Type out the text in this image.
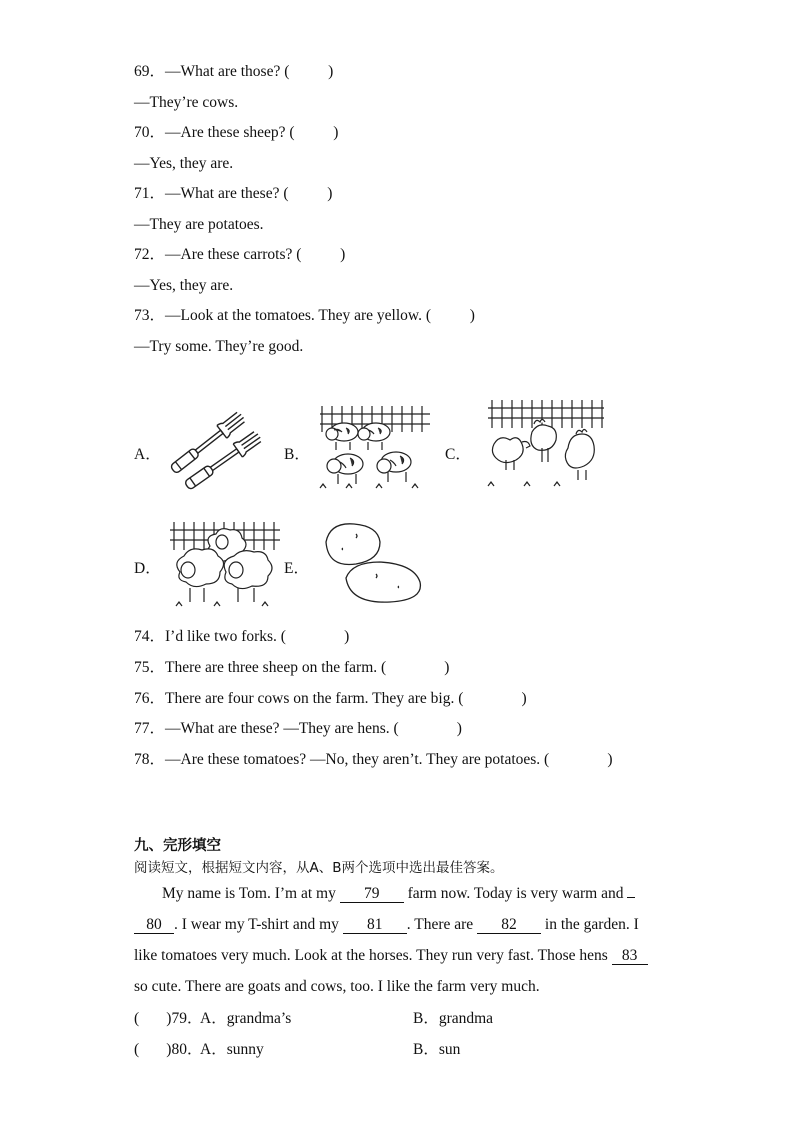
69．—What are those? (          )
—They’re cows.
70．—Are these sheep? (          )
—Yes, they are.
71．—What are these? (          )
—They are potatoes.
72．—Are these carrots? (          )
—Yes, they are.
73．—Look at the tomatoes. They are yellow. (          )
—Try some. They’re good.
A．	B．	C．
D．	E．
74．I’d like two forks. (               )
75．There are three sheep on the farm. (               )
76．There are four cows on the farm. They are big. (               )
77．—What are these? —They are hens. (               )
78．—Are these tomatoes? —No, they aren’t. They are potatoes. (               )
九、完形填空
阅读短文，根据短文内容，从A、B两个选项中选出最佳答案。
My name is Tom. I’m at my 79 farm now. Today is very warm and
80 . I wear my T-shirt and my 81 . There are 82 in the garden. I
like tomatoes very much. Look at the horses. They run very fast. Those hens 83
so cute. There are goats and cows, too. I like the farm very much.
(       )79．
A．grandma’s	B．grandma
(       )80．
A．sunny	B．sun
